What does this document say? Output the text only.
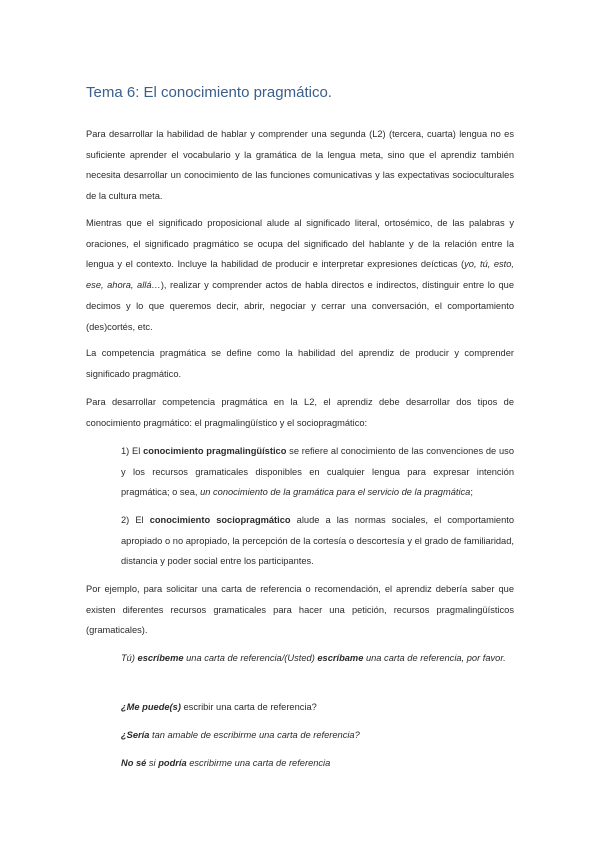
Tema 6: El conocimiento pragmático.

Para desarrollar la habilidad de hablar y comprender una segunda (L2) (tercera, cuarta) lengua no es suficiente aprender el vocabulario y la gramática de la lengua meta, sino que el aprendiz también necesita desarrollar un conocimiento de las funciones comunicativas y las expectativas socioculturales de la cultura meta.

Mientras que el significado proposicional alude al significado literal, ortosémico, de las palabras y oraciones, el significado pragmático se ocupa del significado del hablante y de la relación entre la lengua y el contexto. Incluye la habilidad de producir e interpretar expresiones deícticas (yo, tú, esto, ese, ahora, allá…), realizar y comprender actos de habla directos e indirectos, distinguir entre lo que decimos y lo que queremos decir, abrir, negociar y cerrar una conversación, el comportamiento (des)cortés, etc.

La competencia pragmática se define como la habilidad del aprendiz de producir y comprender significado pragmático.

Para desarrollar competencia pragmática en la L2, el aprendiz debe desarrollar dos tipos de conocimiento pragmático: el pragmalingüístico y el sociopragmático:

1) El conocimiento pragmalingüístico se refiere al conocimiento de las convenciones de uso y los recursos gramaticales disponibles en cualquier lengua para expresar intención pragmática; o sea, un conocimiento de la gramática para el servicio de la pragmática;

2) El conocimiento sociopragmático alude a las normas sociales, el comportamiento apropiado o no apropiado, la percepción de la cortesía o descortesía y el grado de familiaridad, distancia y poder social entre los participantes.

Por ejemplo, para solicitar una carta de referencia o recomendación, el aprendiz debería saber que existen diferentes recursos gramaticales para hacer una petición, recursos pragmalingüísticos (gramaticales).

Tú) escríbeme una carta de referencia/(Usted) escríbame una carta de referencia, por favor.

¿Me puede(s) escribir una carta de referencia?

¿Sería tan amable de escribirme una carta de referencia?

No sé si podría escribirme una carta de referencia
